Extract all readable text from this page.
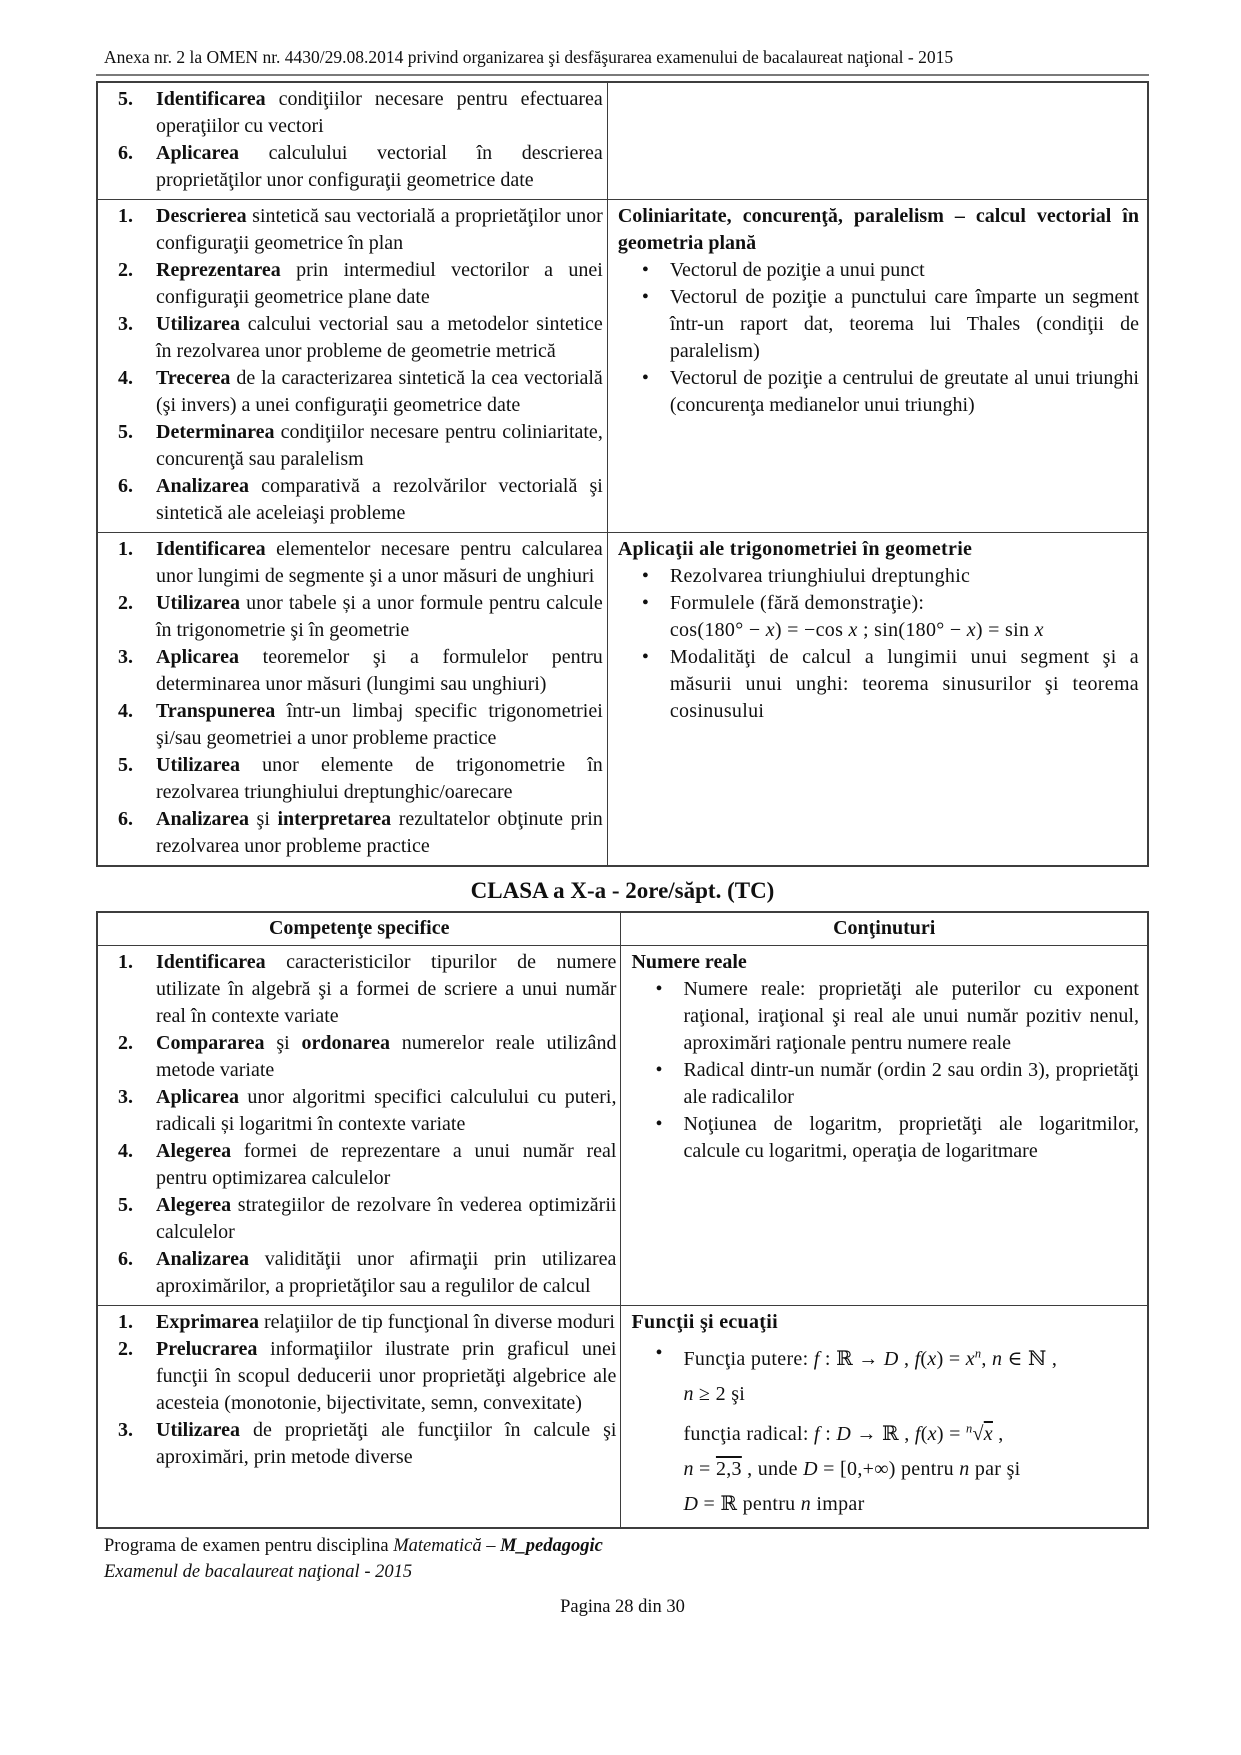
Anexa nr. 2 la OMEN nr. 4430/29.08.2014 privind organizarea şi desfăşurarea examenului de bacalaureat naţional - 2015
5. Identificarea condiţiilor necesare pentru efectuarea operaţiilor cu vectori
6. Aplicarea calculului vectorial în descrierea proprietăţilor unor configuraţii geometrice date
1. Descrierea sintetică sau vectorială a proprietăţilor unor configuraţii geometrice în plan
2. Reprezentarea prin intermediul vectorilor a unei configuraţii geometrice plane date
3. Utilizarea calcului vectorial sau a metodelor sintetice în rezolvarea unor probleme de geometrie metrică
4. Trecerea de la caracterizarea sintetică la cea vectorială (şi invers) a unei configuraţii geometrice date
5. Determinarea condiţiilor necesare pentru coliniaritate, concurenţă sau paralelism
6. Analizarea comparativă a rezolvărilor vectorială şi sintetică ale aceleiaşi probleme
Coliniaritate, concurenţă, paralelism – calcul vectorial în geometria plană
• Vectorul de poziţie a unui punct
• Vectorul de poziţie a punctului care împarte un segment într-un raport dat, teorema lui Thales (condiţii de paralelism)
• Vectorul de poziţie a centrului de greutate al unui triunghi (concurenţa medianelor unui triunghi)
1. Identificarea elementelor necesare pentru calcularea unor lungimi de segmente şi a unor măsuri de unghiuri
2. Utilizarea unor tabele și a unor formule pentru calcule în trigonometrie şi în geometrie
3. Aplicarea teoremelor şi a formulelor pentru determinarea unor măsuri (lungimi sau unghiuri)
4. Transpunerea într-un limbaj specific trigonometriei şi/sau geometriei a unor probleme practice
5. Utilizarea unor elemente de trigonometrie în rezolvarea triunghiului dreptunghic/oarecare
6. Analizarea şi interpretarea rezultatelor obţinute prin rezolvarea unor probleme practice
Aplicaţii ale trigonometriei în geometrie
• Rezolvarea triunghiului dreptunghic
• Formulele (fără demonstraţie):
cos(180° − x) = −cos x ; sin(180° − x) = sin x
• Modalităţi de calcul a lungimii unui segment şi a măsurii unui unghi: teorema sinusurilor şi teorema cosinusului
CLASA a X-a - 2ore/săpt. (TC)
Competenţe specifice	Conţinuturi
1. Identificarea caracteristicilor tipurilor de numere utilizate în algebră şi a formei de scriere a unui număr real în contexte variate
2. Compararea şi ordonarea numerelor reale utilizând metode variate
3. Aplicarea unor algoritmi specifici calculului cu puteri, radicali și logaritmi în contexte variate
4. Alegerea formei de reprezentare a unui număr real pentru optimizarea calculelor
5. Alegerea strategiilor de rezolvare în vederea optimizării calculelor
6. Analizarea validităţii unor afirmaţii prin utilizarea aproximărilor, a proprietăţilor sau a regulilor de calcul
Numere reale
• Numere reale: proprietăţi ale puterilor cu exponent raţional, iraţional şi real ale unui număr pozitiv nenul, aproximări raţionale pentru numere reale
• Radical dintr-un număr (ordin 2 sau ordin 3), proprietăţi ale radicalilor
• Noţiunea de logaritm, proprietăţi ale logaritmilor, calcule cu logaritmi, operaţia de logaritmare
1. Exprimarea relaţiilor de tip funcţional în diverse moduri
2. Prelucrarea informaţiilor ilustrate prin graficul unei funcţii în scopul deducerii unor proprietăţi algebrice ale acesteia (monotonie, bijectivitate, semn, convexitate)
3. Utilizarea de proprietăţi ale funcţiilor în calcule şi aproximări, prin metode diverse
Funcţii şi ecuaţii
• Funcţia putere: f : ℝ → D , $f(x) = x^n$, n ∈ ℕ ,
n ≥ 2 şi
funcţia radical: f : D → ℝ , f(x) = $^n$√x ,
n = 2,3 , unde D = [0,+∞) pentru n par şi
D = ℝ pentru n impar
Programa de examen pentru disciplina Matematică – M_pedagogic
Examenul de bacalaureat naţional - 2015
Pagina 28 din 30
